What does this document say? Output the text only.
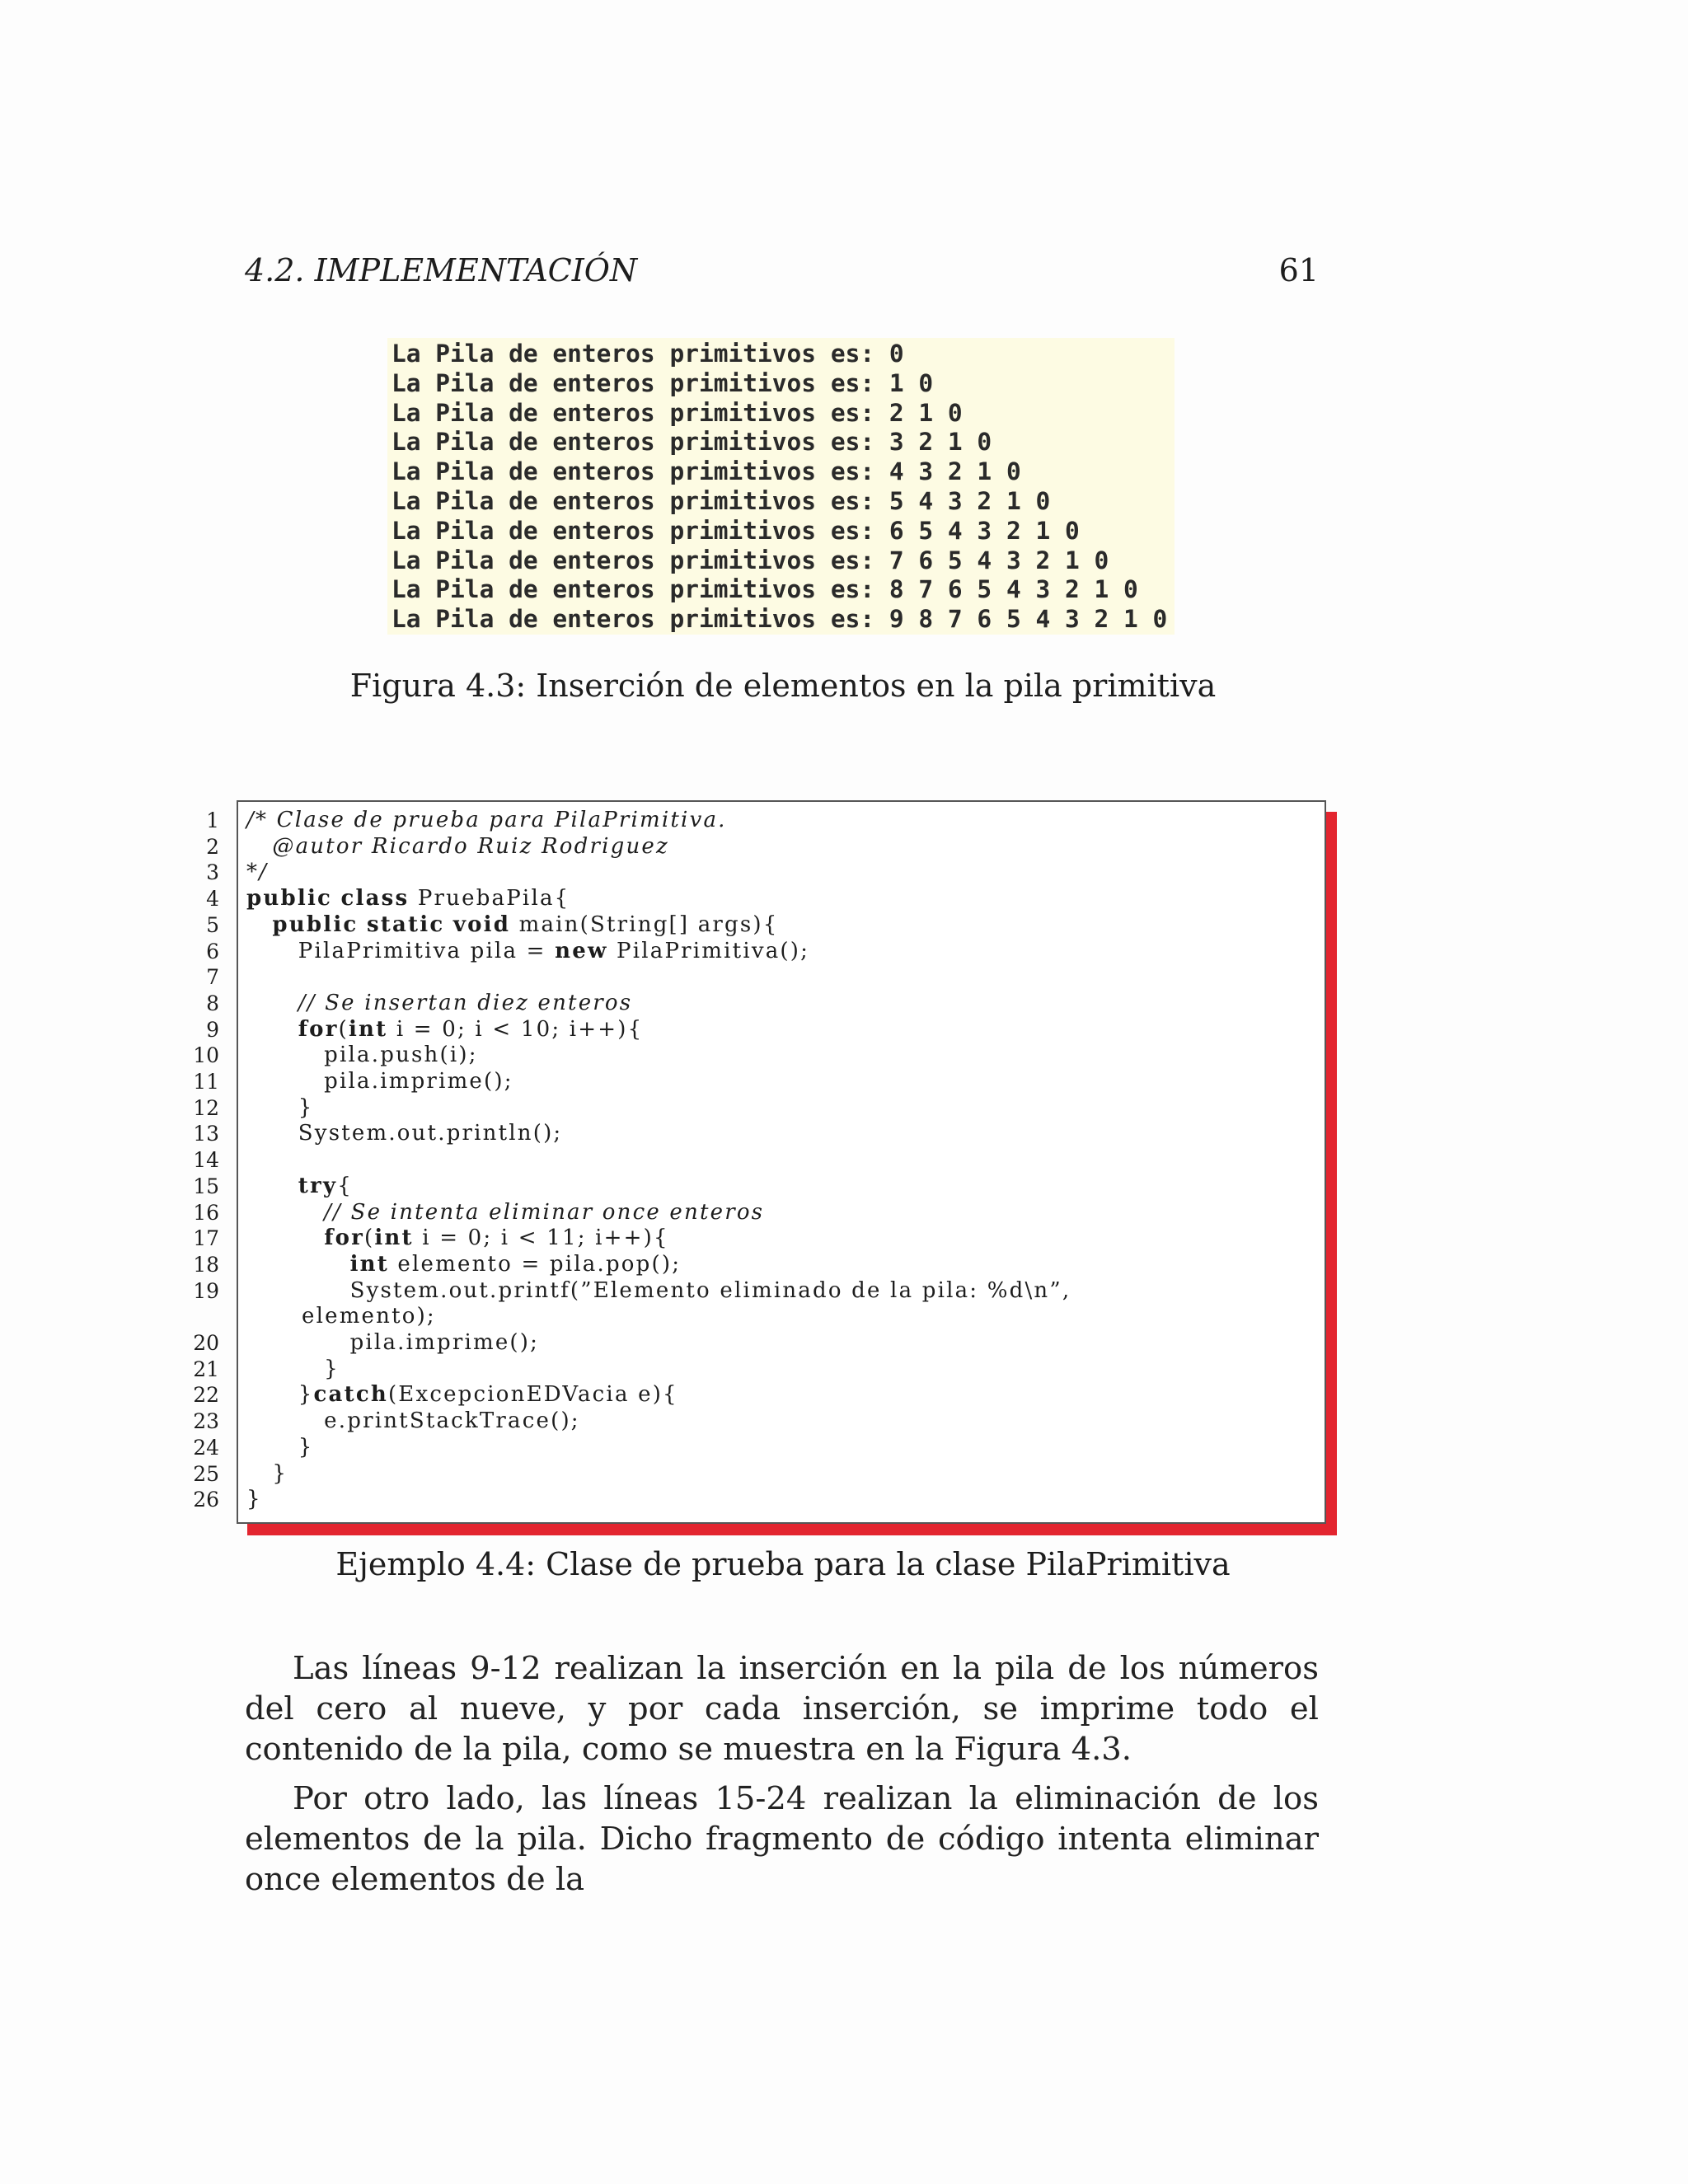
4.2. IMPLEMENTACIÓN	61
La Pila de enteros primitivos es: 0
La Pila de enteros primitivos es: 1 0
La Pila de enteros primitivos es: 2 1 0
La Pila de enteros primitivos es: 3 2 1 0
La Pila de enteros primitivos es: 4 3 2 1 0
La Pila de enteros primitivos es: 5 4 3 2 1 0
La Pila de enteros primitivos es: 6 5 4 3 2 1 0
La Pila de enteros primitivos es: 7 6 5 4 3 2 1 0
La Pila de enteros primitivos es: 8 7 6 5 4 3 2 1 0
La Pila de enteros primitivos es: 9 8 7 6 5 4 3 2 1 0
Figura 4.3: Inserción de elementos en la pila primitiva
1 /* Clase de prueba para PilaPrimitiva.
2 @autor Ricardo Ruiz Rodriguez
3 */
4 public class PruebaPila{
5	public static void main(String[] args){
6 PilaPrimitiva pila = new PilaPrimitiva();
7
8 // Se insertan diez enteros
9	for(int i = 0; i < 10; i++){
10 pila.push(i);
11 pila.imprime();
12 }
13 System.out.println();
14
15	try{
16 // Se intenta eliminar once enteros
17	for(int i = 0; i < 11; i++){
18	int elemento = pila.pop();
19 System.out.printf(”Elemento eliminado de la pila: %d\n”,
elemento);
20 pila.imprime();
21 }
22 }catch(ExcepcionEDVacia e){
23 e.printStackTrace();
24 }
25 }
26 }
Ejemplo 4.4: Clase de prueba para la clase PilaPrimitiva
Las líneas 9-12 realizan la inserción en la pila de los números del cero al nueve, y por cada inserción, se imprime todo el contenido de la pila, como se muestra en la Figura 4.3.
Por otro lado, las líneas 15-24 realizan la eliminación de los elementos de la pila. Dicho fragmento de código intenta eliminar once elementos de la
